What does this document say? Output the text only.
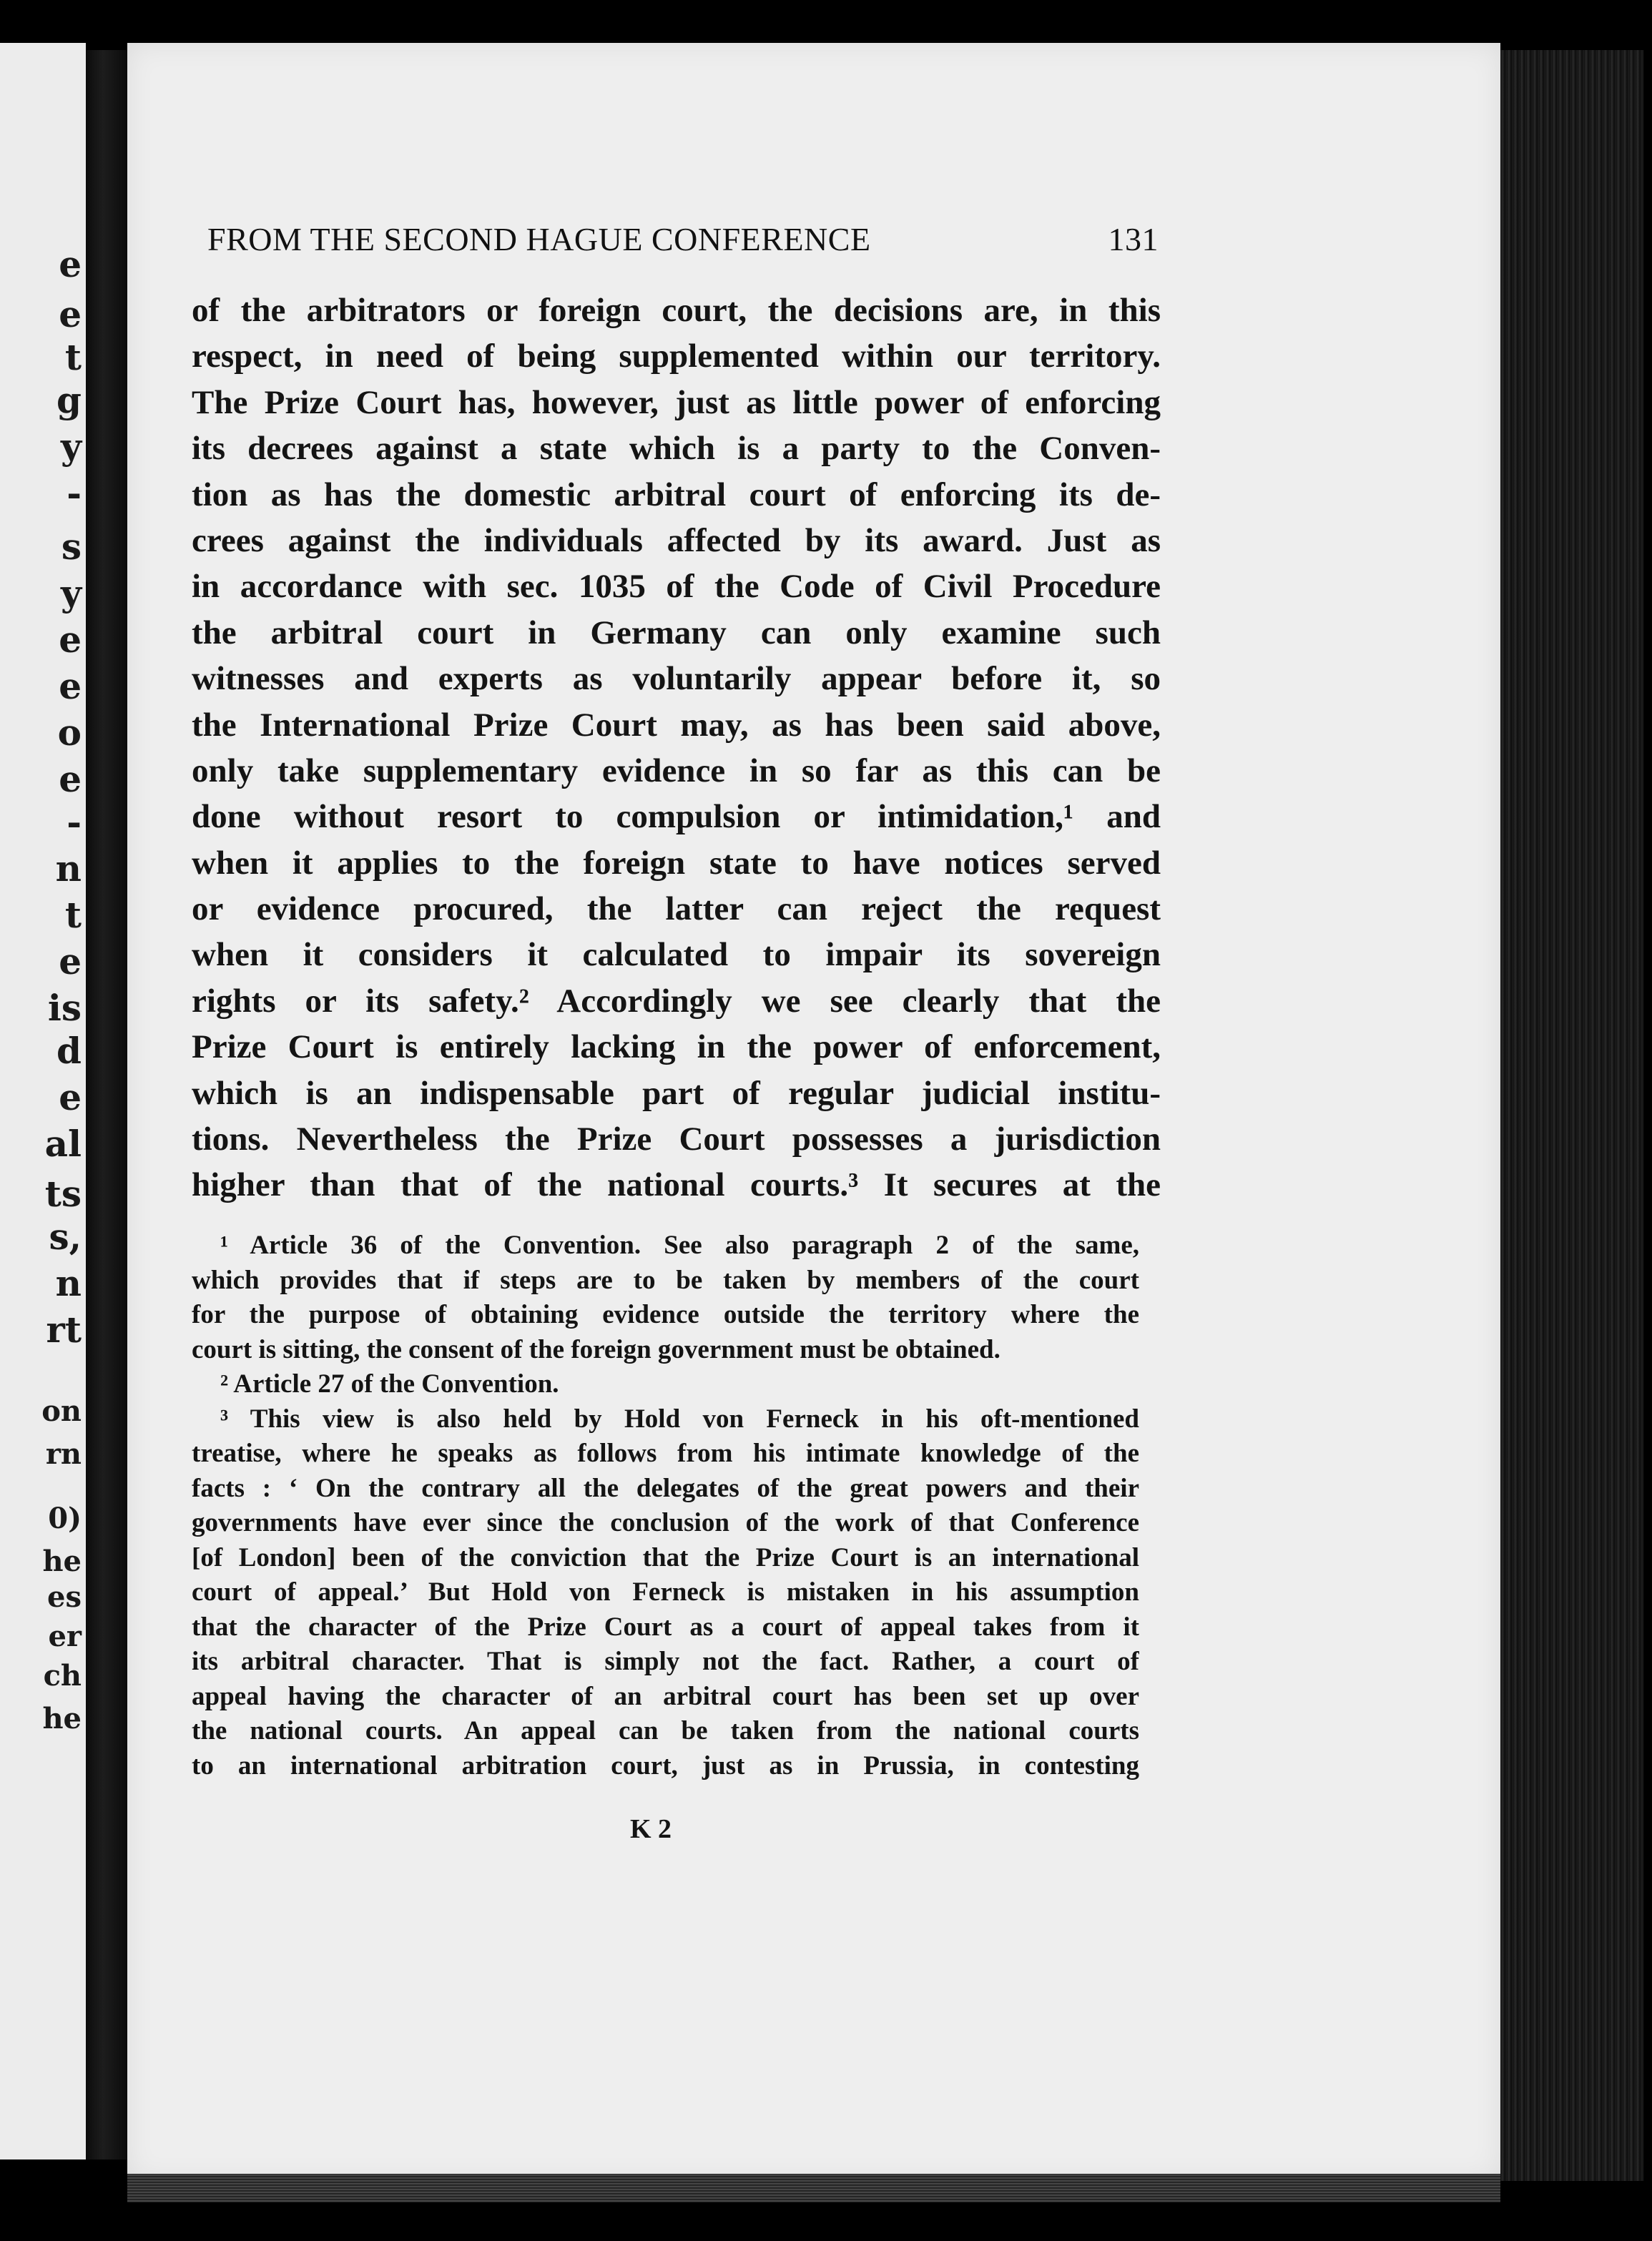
e
e
t
g
y
-
s
y
e
e
o
e
-
n
t
e
is
d
e
al
ts
s,
n
rt
on
rn
0)
he
es
er
ch
he
FROM THE SECOND HAGUE CONFERENCE	131
of the arbitrators or foreign court, the decisions are, in this
respect, in need of being supplemented within our territory.
The Prize Court has, however, just as little power of enforcing
its decrees against a state which is a party to the Conven-
tion as has the domestic arbitral court of enforcing its de-
crees against the individuals affected by its award. Just as
in accordance with sec. 1035 of the Code of Civil Procedure
the arbitral court in Germany can only examine such
witnesses and experts as voluntarily appear before it, so
the International Prize Court may, as has been said above,
only take supplementary evidence in so far as this can be
done without resort to compulsion or intimidation,¹ and
when it applies to the foreign state to have notices served
or evidence procured, the latter can reject the request
when it considers it calculated to impair its sovereign
rights or its safety.² Accordingly we see clearly that the
Prize Court is entirely lacking in the power of enforcement,
which is an indispensable part of regular judicial institu-
tions. Nevertheless the Prize Court possesses a jurisdiction
higher than that of the national courts.³ It secures at the
¹ Article 36 of the Convention. See also paragraph 2 of the same,
which provides that if steps are to be taken by members of the court
for the purpose of obtaining evidence outside the territory where the
court is sitting, the consent of the foreign government must be obtained.
² Article 27 of the Convention.
³ This view is also held by Hold von Ferneck in his oft-mentioned
treatise, where he speaks as follows from his intimate knowledge of the
facts : ‘ On the contrary all the delegates of the great powers and their
governments have ever since the conclusion of the work of that Conference
[of London] been of the conviction that the Prize Court is an international
court of appeal.’ But Hold von Ferneck is mistaken in his assumption
that the character of the Prize Court as a court of appeal takes from it
its arbitral character. That is simply not the fact. Rather, a court of
appeal having the character of an arbitral court has been set up over
the national courts. An appeal can be taken from the national courts
to an international arbitration court, just as in Prussia, in contesting
K 2
